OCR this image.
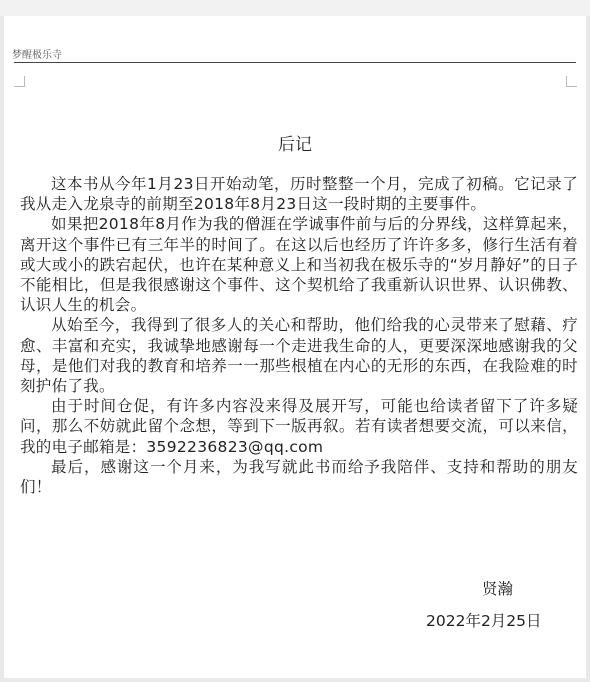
梦醒极乐寺
后记

这本书从今年1月23日开始动笔，历时整整一个月，完成了初稿。它记录了我从走入龙泉寺的前期至2018年8月23日这一段时期的主要事件。

如果把2018年8月作为我的僧涯在学诚事件前与后的分界线，这样算起来，离开这个事件已有三年半的时间了。在这以后也经历了许许多多，修行生活有着或大或小的跌宕起伏，也许在某种意义上和当初我在极乐寺的“岁月静好”的日子不能相比，但是我很感谢这个事件、这个契机给了我重新认识世界、认识佛教、认识人生的机会。

从始至今，我得到了很多人的关心和帮助，他们给我的心灵带来了慰藉、疗愈、丰富和充实，我诚挚地感谢每一个走进我生命的人，更要深深地感谢我的父母，是他们对我的教育和培养一一那些根植在内心的无形的东西，在我险难的时刻护佑了我。

由于时间仓促，有许多内容没来得及展开写，可能也给读者留下了许多疑问，那么不妨就此留个念想，等到下一版再叙。若有读者想要交流，可以来信，我的电子邮箱是：3592236823@qq.com

最后，感谢这一个月来，为我写就此书而给予我陪伴、支持和帮助的朋友们！

贤瀚
2022年2月25日
